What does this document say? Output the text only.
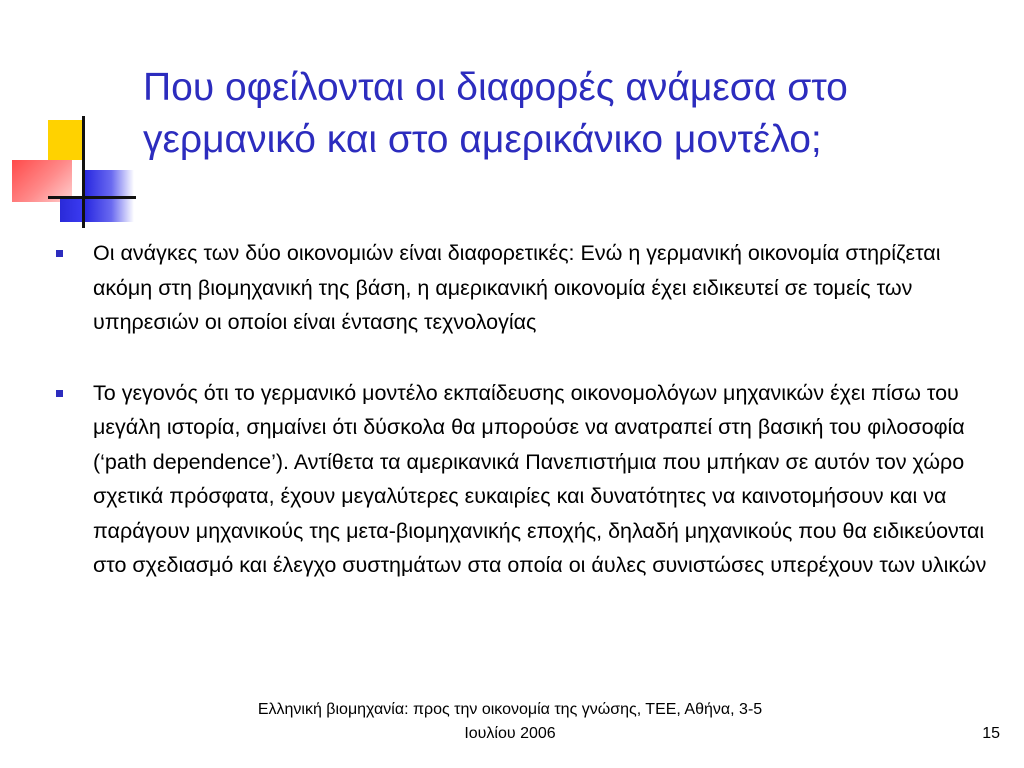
Που οφείλονται οι διαφορές ανάμεσα στο γερμανικό και στο αμερικάνικο μοντέλο;
Οι ανάγκες των δύο οικονομιών είναι διαφορετικές: Ενώ η γερμανική οικονομία στηρίζεται ακόμη στη βιομηχανική της βάση, η αμερικανική οικονομία έχει ειδικευτεί σε τομείς των υπηρεσιών οι οποίοι είναι έντασης τεχνολογίας
Το γεγονός ότι το γερμανικό μοντέλο εκπαίδευσης οικονομολόγων μηχανικών έχει πίσω του μεγάλη ιστορία, σημαίνει ότι δύσκολα θα μπορούσε να ανατραπεί στη βασική του φιλοσοφία (‘path dependence’). Αντίθετα τα αμερικανικά Πανεπιστήμια που μπήκαν σε αυτόν τον χώρο σχετικά πρόσφατα, έχουν μεγαλύτερες ευκαιρίες και δυνατότητες να καινοτομήσουν και να παράγουν μηχανικούς της μετα-βιομηχανικής εποχής, δηλαδή μηχανικούς που θα ειδικεύονται στο σχεδιασμό και έλεγχο συστημάτων στα οποία οι άυλες συνιστώσες υπερέχουν των υλικών
Ελληνική βιομηχανία: προς την οικονομία της γνώσης, ΤΕΕ, Αθήνα, 3-5
Ιουλίου 2006	15
